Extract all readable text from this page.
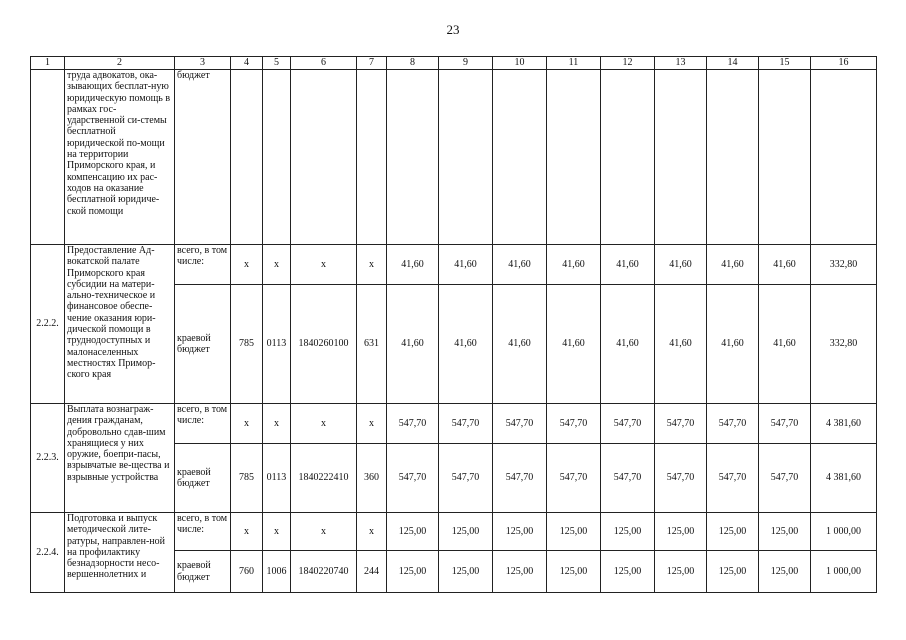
23
1	2	3	4	5	6	7	8	9	10	11	12	13	14	15	16
	труда адвокатов, ока-зывающих бесплат-ную юридическую помощь в рамках гос-ударственной си-стемы бесплатной юридической по-мощи на территории Приморского края, и компенсацию их рас-ходов на оказание бесплатной юридиче-ской помощи	бюджет													
2.2.2.	Предоставление Ад-вокатской палате Приморского края субсидии на матери-ально-техническое и финансовое обеспе-чение оказания юри-дической помощи в труднодоступных и малонаселенных местностях Примор-ского края	всего, в том числе:	x	x	x	x	41,60	41,60	41,60	41,60	41,60	41,60	41,60	41,60	332,80
		краевой бюджет	785	0113	1840260100	631	41,60	41,60	41,60	41,60	41,60	41,60	41,60	41,60	332,80
2.2.3.	Выплата вознаграж-дения гражданам, добровольно сдав-шим хранящиеся у них оружие, боепри-пасы, взрывчатые ве-щества и взрывные устройства	всего, в том числе:	x	x	x	x	547,70	547,70	547,70	547,70	547,70	547,70	547,70	547,70	4 381,60
		краевой бюджет	785	0113	1840222410	360	547,70	547,70	547,70	547,70	547,70	547,70	547,70	547,70	4 381,60
2.2.4.	Подготовка и выпуск методической лите-ратуры, направлен-ной на профилактику безнадзорности несо-вершеннолетних и	всего, в том числе:	x	x	x	x	125,00	125,00	125,00	125,00	125,00	125,00	125,00	125,00	1 000,00
		краевой бюджет	760	1006	1840220740	244	125,00	125,00	125,00	125,00	125,00	125,00	125,00	125,00	1 000,00
